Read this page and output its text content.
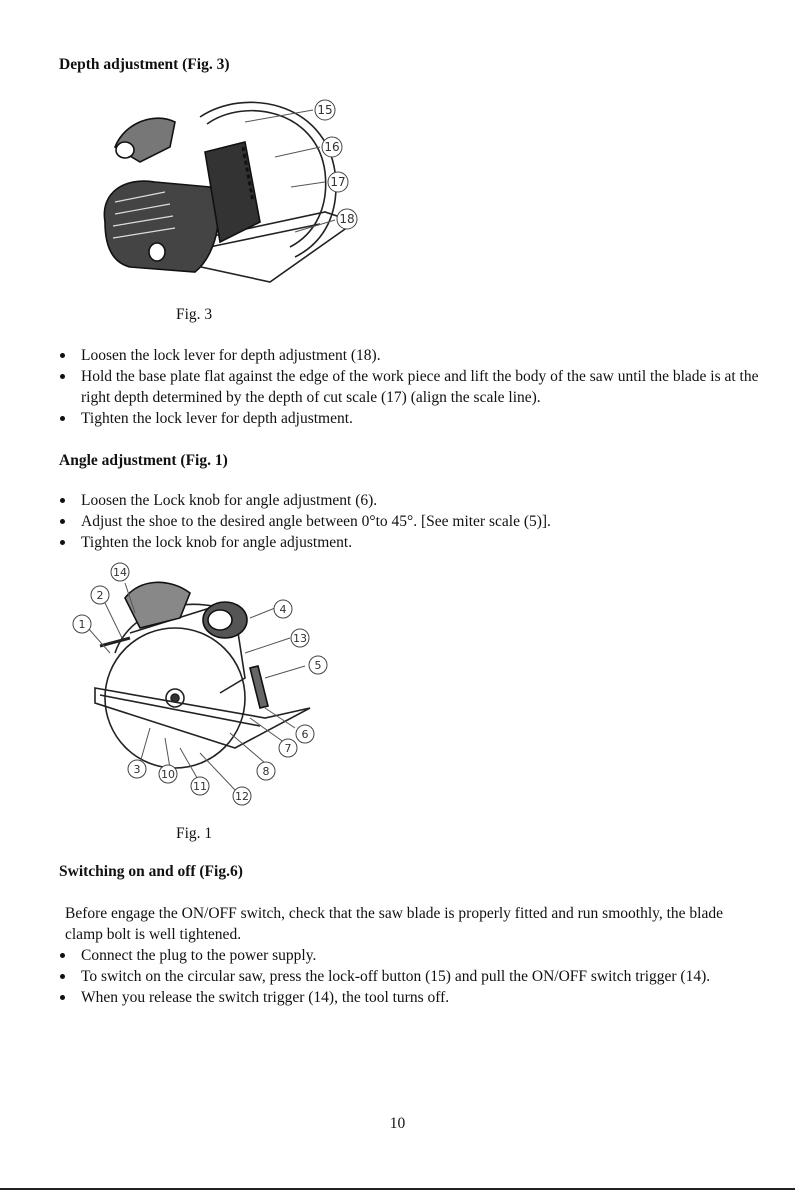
Depth adjustment (Fig. 3)
15
16
17
18
Fig. 3
Loosen the lock lever for depth adjustment (18).
Hold the base plate flat against the edge of the work piece and lift the body of the saw until the blade is at the right depth determined by the depth of cut scale (17) (align the scale line).
Tighten the lock lever for depth adjustment.
Angle adjustment (Fig. 1)
Loosen the Lock knob for angle adjustment (6).
Adjust the shoe to the desired angle between 0°to 45°. [See miter scale (5)].
Tighten the lock knob for angle adjustment.
14
2
1
4
13
5
6
7
8
3 10
11
12
Fig. 1
Switching on and off (Fig.6)

Before engage the ON/OFF switch, check that the saw blade is properly fitted and run smoothly, the blade clamp bolt is well tightened.

Connect the plug to the power supply.
To switch on the circular saw, press the lock-off button (15) and pull the ON/OFF switch trigger (14).
When you release the switch trigger (14), the tool turns off.
10
